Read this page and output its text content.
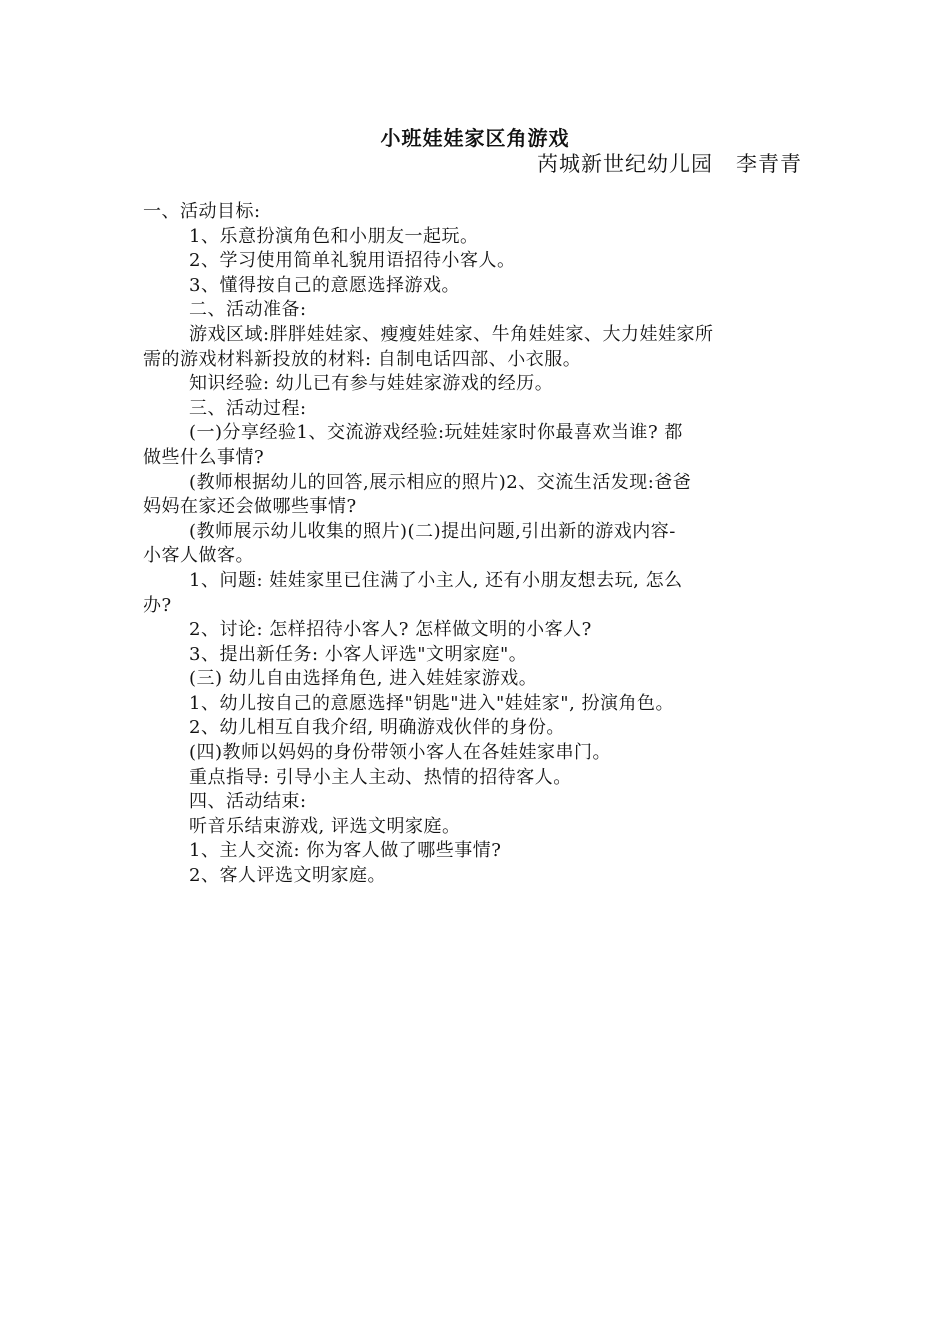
小班娃娃家区角游戏
芮城新世纪幼儿园   李青青
一、活动目标:
1、乐意扮演角色和小朋友一起玩。
2、学习使用简单礼貌用语招待小客人。
3、懂得按自己的意愿选择游戏。
二、活动准备:
游戏区域:胖胖娃娃家、瘦瘦娃娃家、牛角娃娃家、大力娃娃家所
需的游戏材料新投放的材料: 自制电话四部、小衣服。
知识经验: 幼儿已有参与娃娃家游戏的经历。
三、活动过程:
(一)分享经验1、交流游戏经验:玩娃娃家时你最喜欢当谁? 都
做些什么事情?
(教师根据幼儿的回答,展示相应的照片)2、交流生活发现:爸爸
妈妈在家还会做哪些事情?
(教师展示幼儿收集的照片)(二)提出问题,引出新的游戏内容-
小客人做客。
1、问题: 娃娃家里已住满了小主人, 还有小朋友想去玩, 怎么
办?
2、讨论: 怎样招待小客人? 怎样做文明的小客人?
3、提出新任务: 小客人评选"文明家庭"。
(三) 幼儿自由选择角色, 进入娃娃家游戏。
1、幼儿按自己的意愿选择"钥匙"进入"娃娃家", 扮演角色。
2、幼儿相互自我介绍, 明确游戏伙伴的身份。
(四)教师以妈妈的身份带领小客人在各娃娃家串门。
重点指导: 引导小主人主动、热情的招待客人。
四、活动结束:
听音乐结束游戏, 评选文明家庭。
1、主人交流: 你为客人做了哪些事情?
2、客人评选文明家庭。
